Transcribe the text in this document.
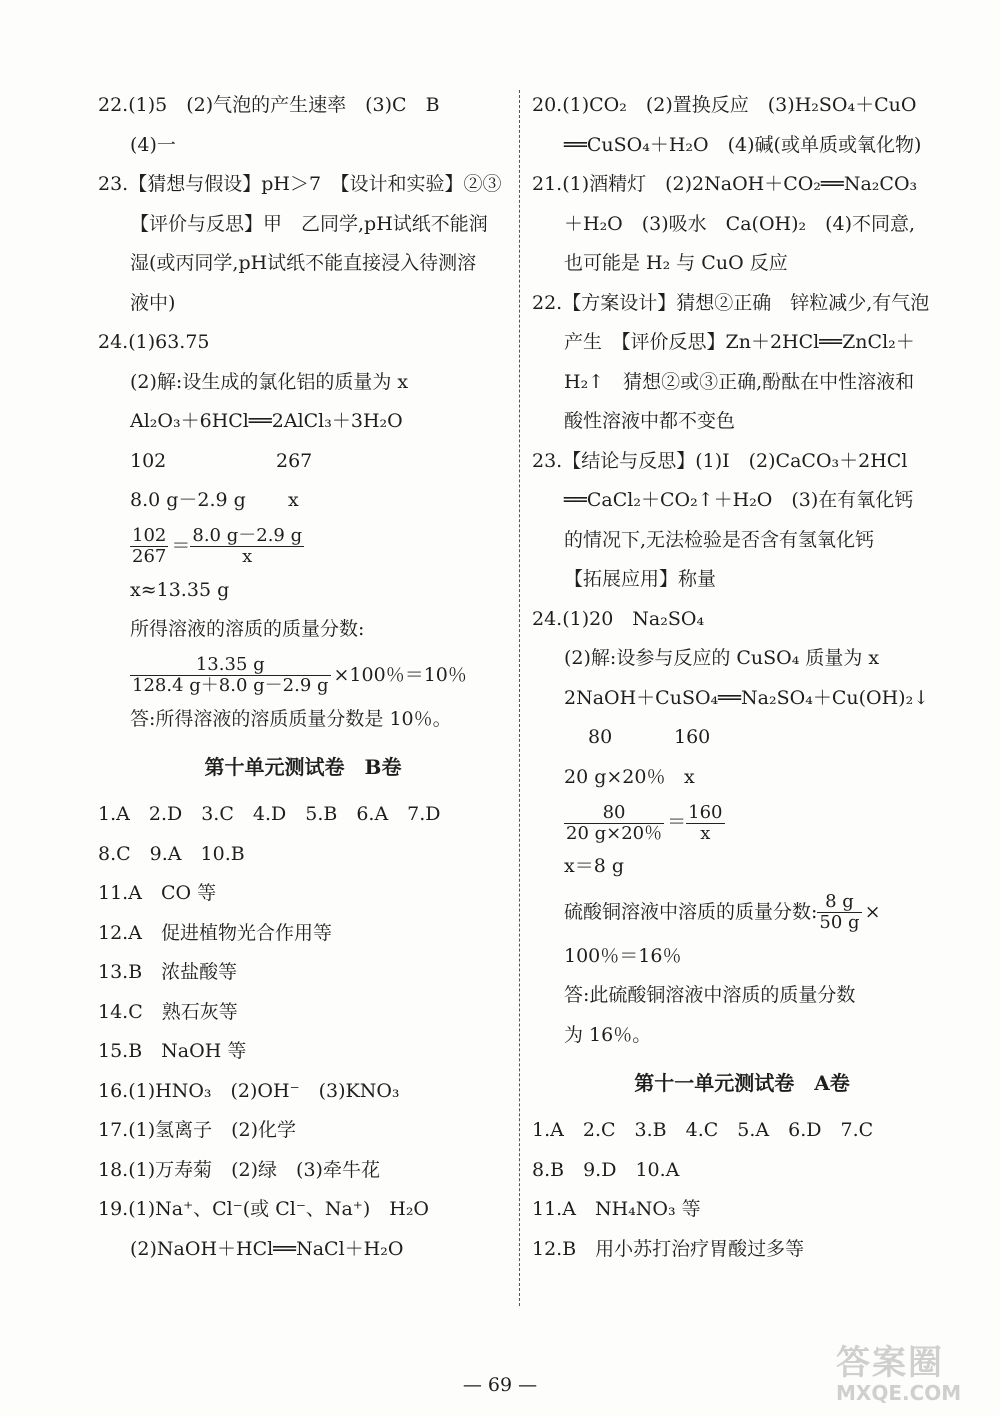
22.(1)5　(2)气泡的产生速率　(3)C　B
(4)一
23.【猜想与假设】pH＞7　【设计和实验】②③
【评价与反思】甲　乙同学,pH试纸不能润
湿(或丙同学,pH试纸不能直接浸入待测溶
液中)
24.(1)63.75
(2)解:设生成的氯化铝的质量为 x
Al₂O₃＋6HCl══2AlCl₃＋3H₂O
102	267
8.0 g－2.9 g x
$\frac{102}{267} = \frac{8.0 g-2.9 g}{x}$
x≈13.35 g
所得溶液的溶质的质量分数:
$\frac{13.35 g}{128.4 g+8.0 g-2.9 g} \times 100$％＝10％
答:所得溶液的溶质质量分数是 10％。
第十单元测试卷　B卷
1.A　2.D　3.C　4.D　5.B　6.A　7.D
8.C　9.A　10.B
11.A　CO 等
12.A　促进植物光合作用等
13.B　浓盐酸等
14.C　熟石灰等
15.B　NaOH 等
16.(1)HNO₃　(2)OH⁻　(3)KNO₃
17.(1)氢离子　(2)化学
18.(1)万寿菊　(2)绿　(3)牵牛花
19.(1)Na⁺、Cl⁻(或 Cl⁻、Na⁺)　H₂O
(2)NaOH＋HCl══NaCl＋H₂O
20.(1)CO₂　(2)置换反应　(3)H₂SO₄＋CuO
══CuSO₄＋H₂O　(4)碱(或单质或氧化物)
21.(1)酒精灯　(2)2NaOH＋CO₂══Na₂CO₃
＋H₂O　(3)吸水　Ca(OH)₂　(4)不同意,
也可能是 H₂ 与 CuO 反应
22.【方案设计】猜想②正确　锌粒减少,有气泡
产生　【评价反思】Zn＋2HCl══ZnCl₂＋
H₂↑　猜想②或③正确,酚酞在中性溶液和
酸性溶液中都不变色
23.【结论与反思】(1)Ⅰ　(2)CaCO₃＋2HCl
══CaCl₂＋CO₂↑＋H₂O　(3)在有氧化钙
的情况下,无法检验是否含有氢氧化钙
【拓展应用】称量
24.(1)20　Na₂SO₄
(2)解:设参与反应的 CuSO₄ 质量为 x
2NaOH＋CuSO₄══Na₂SO₄＋Cu(OH)₂↓
80	160
20 g×20％ x
$\frac{80}{20 g\times 20\%} = \frac{160}{x}$
x＝8 g
硫酸铜溶液中溶质的质量分数: $\frac{8 g}{50 g}$ ×
100％＝16％
答:此硫酸铜溶液中溶质的质量分数
为 16％。
第十一单元测试卷　A卷
1.A　2.C　3.B　4.C　5.A　6.D　7.C
8.B　9.D　10.A
11.A　NH₄NO₃ 等
12.B　用小苏打治疗胃酸过多等
— 69 —
答案圈
MXQE.COM
